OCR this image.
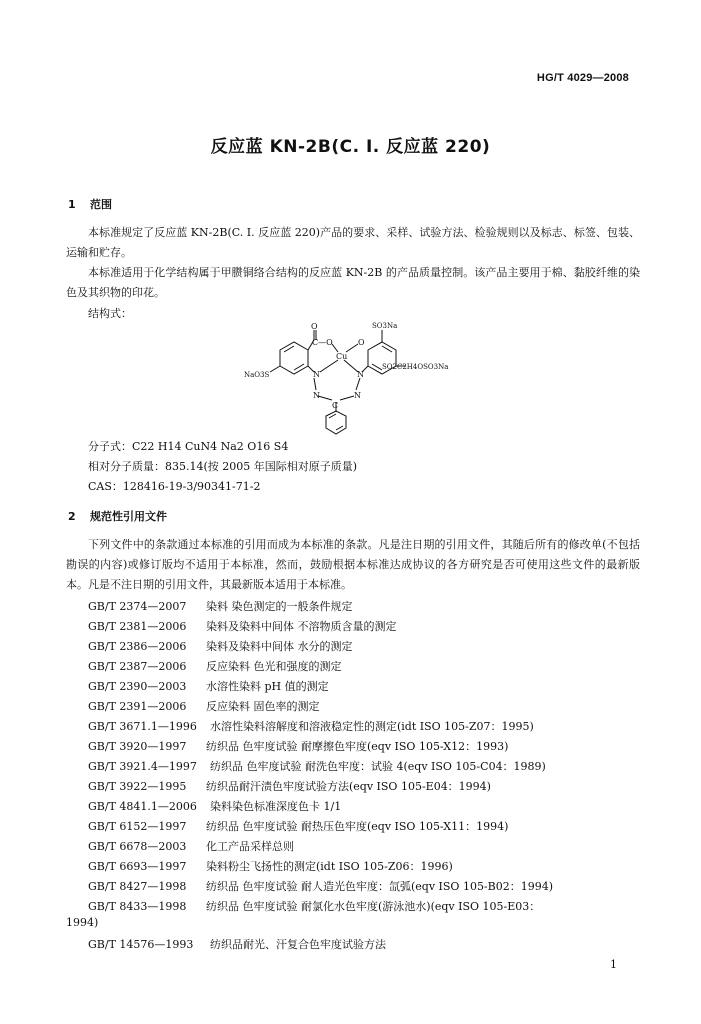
HG/T 4029—2008
反应蓝 KN-2B(C. I. 反应蓝 220)
1 范围
本标准规定了反应蓝 KN-2B(C. I. 反应蓝 220)产品的要求、采样、试验方法、检验规则以及标志、标签、包装、运输和贮存。
本标准适用于化学结构属于甲臜铜络合结构的反应蓝 KN-2B 的产品质量控制。该产品主要用于棉、黏胶纤维的染色及其织物的印花。
结构式：
O
C—O	O
SO3Na
Cu
N	N
NaO3S
SO2C2H4OSO3Na
N	N
C
分子式：C22 H14 CuN4 Na2 O16 S4
相对分子质量：835.14(按 2005 年国际相对原子质量)
CAS：128416-19-3/90341-71-2
2 规范性引用文件
下列文件中的条款通过本标准的引用而成为本标准的条款。凡是注日期的引用文件，其随后所有的修改单(不包括勘误的内容)或修订版均不适用于本标准，然而，鼓励根据本标准达成协议的各方研究是否可使用这些文件的最新版本。凡是不注日期的引用文件，其最新版本适用于本标准。
GB/T 2374—2007 染料 染色测定的一般条件规定
GB/T 2381—2006 染料及染料中间体 不溶物质含量的测定
GB/T 2386—2006 染料及染料中间体 水分的测定
GB/T 2387—2006 反应染料 色光和强度的测定
GB/T 2390—2003 水溶性染料 pH 值的测定
GB/T 2391—2006 反应染料 固色率的测定
GB/T 3671.1—1996 水溶性染料溶解度和溶液稳定性的测定(idt ISO 105-Z07：1995)
GB/T 3920—1997 纺织品 色牢度试验 耐摩擦色牢度(eqv ISO 105-X12：1993)
GB/T 3921.4—1997 纺织品 色牢度试验 耐洗色牢度：试验 4(eqv ISO 105-C04：1989)
GB/T 3922—1995 纺织品耐汗渍色牢度试验方法(eqv ISO 105-E04：1994)
GB/T 4841.1—2006 染料染色标准深度色卡 1/1
GB/T 6152—1997 纺织品 色牢度试验 耐热压色牢度(eqv ISO 105-X11：1994)
GB/T 6678—2003 化工产品采样总则
GB/T 6693—1997 染料粉尘飞扬性的测定(idt ISO 105-Z06：1996)
GB/T 8427—1998 纺织品 色牢度试验 耐人造光色牢度：氙弧(eqv ISO 105-B02：1994)
GB/T 8433—1998 纺织品 色牢度试验 耐氯化水色牢度(游泳池水)(eqv ISO 105-E03：
1994)
GB/T 14576—1993 纺织品耐光、汗复合色牢度试验方法
1
